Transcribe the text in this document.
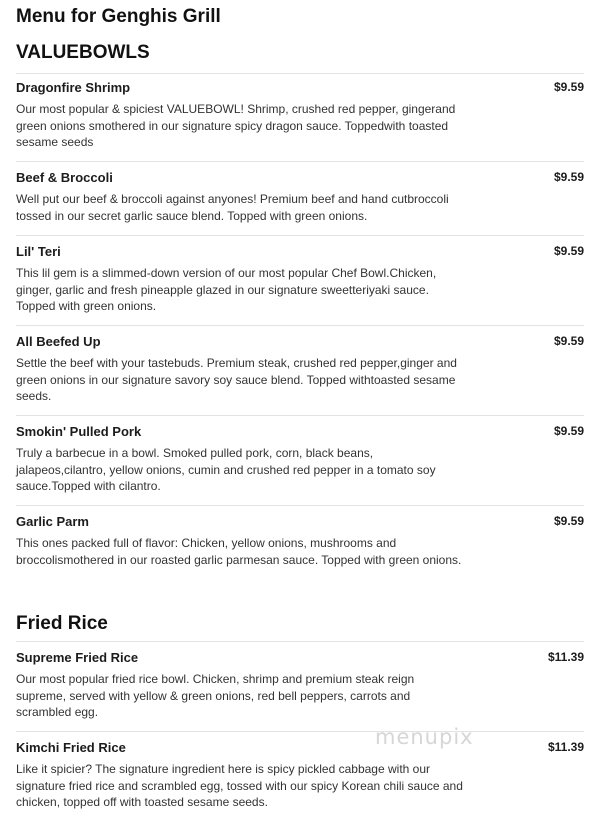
Menu for Genghis Grill
VALUEBOWLS
Dragonfire Shrimp	$9.59
Our most popular & spiciest VALUEBOWL! Shrimp, crushed red pepper, gingerand green onions smothered in our signature spicy dragon sauce. Toppedwith toasted sesame seeds
Beef & Broccoli	$9.59
Well put our beef & broccoli against anyones! Premium beef and hand cutbroccoli tossed in our secret garlic sauce blend. Topped with green onions.
Lil' Teri	$9.59
This lil gem is a slimmed-down version of our most popular Chef Bowl.Chicken, ginger, garlic and fresh pineapple glazed in our signature sweetteriyaki sauce. Topped with green onions.
All Beefed Up	$9.59
Settle the beef with your tastebuds. Premium steak, crushed red pepper,ginger and green onions in our signature savory soy sauce blend. Topped withtoasted sesame seeds.
Smokin' Pulled Pork	$9.59
Truly a barbecue in a bowl. Smoked pulled pork, corn, black beans, jalapeos,cilantro, yellow onions, cumin and crushed red pepper in a tomato soy sauce.Topped with cilantro.
Garlic Parm	$9.59
This ones packed full of flavor: Chicken, yellow onions, mushrooms and broccolismothered in our roasted garlic parmesan sauce. Topped with green onions.
Fried Rice
Supreme Fried Rice	$11.39
Our most popular fried rice bowl. Chicken, shrimp and premium steak reign supreme, served with yellow & green onions, red bell peppers, carrots and scrambled egg.
Kimchi Fried Rice	$11.39
Like it spicier? The signature ingredient here is spicy pickled cabbage with our signature fried rice and scrambled egg, tossed with our spicy Korean chili sauce and chicken, topped off with toasted sesame seeds.
menupix
